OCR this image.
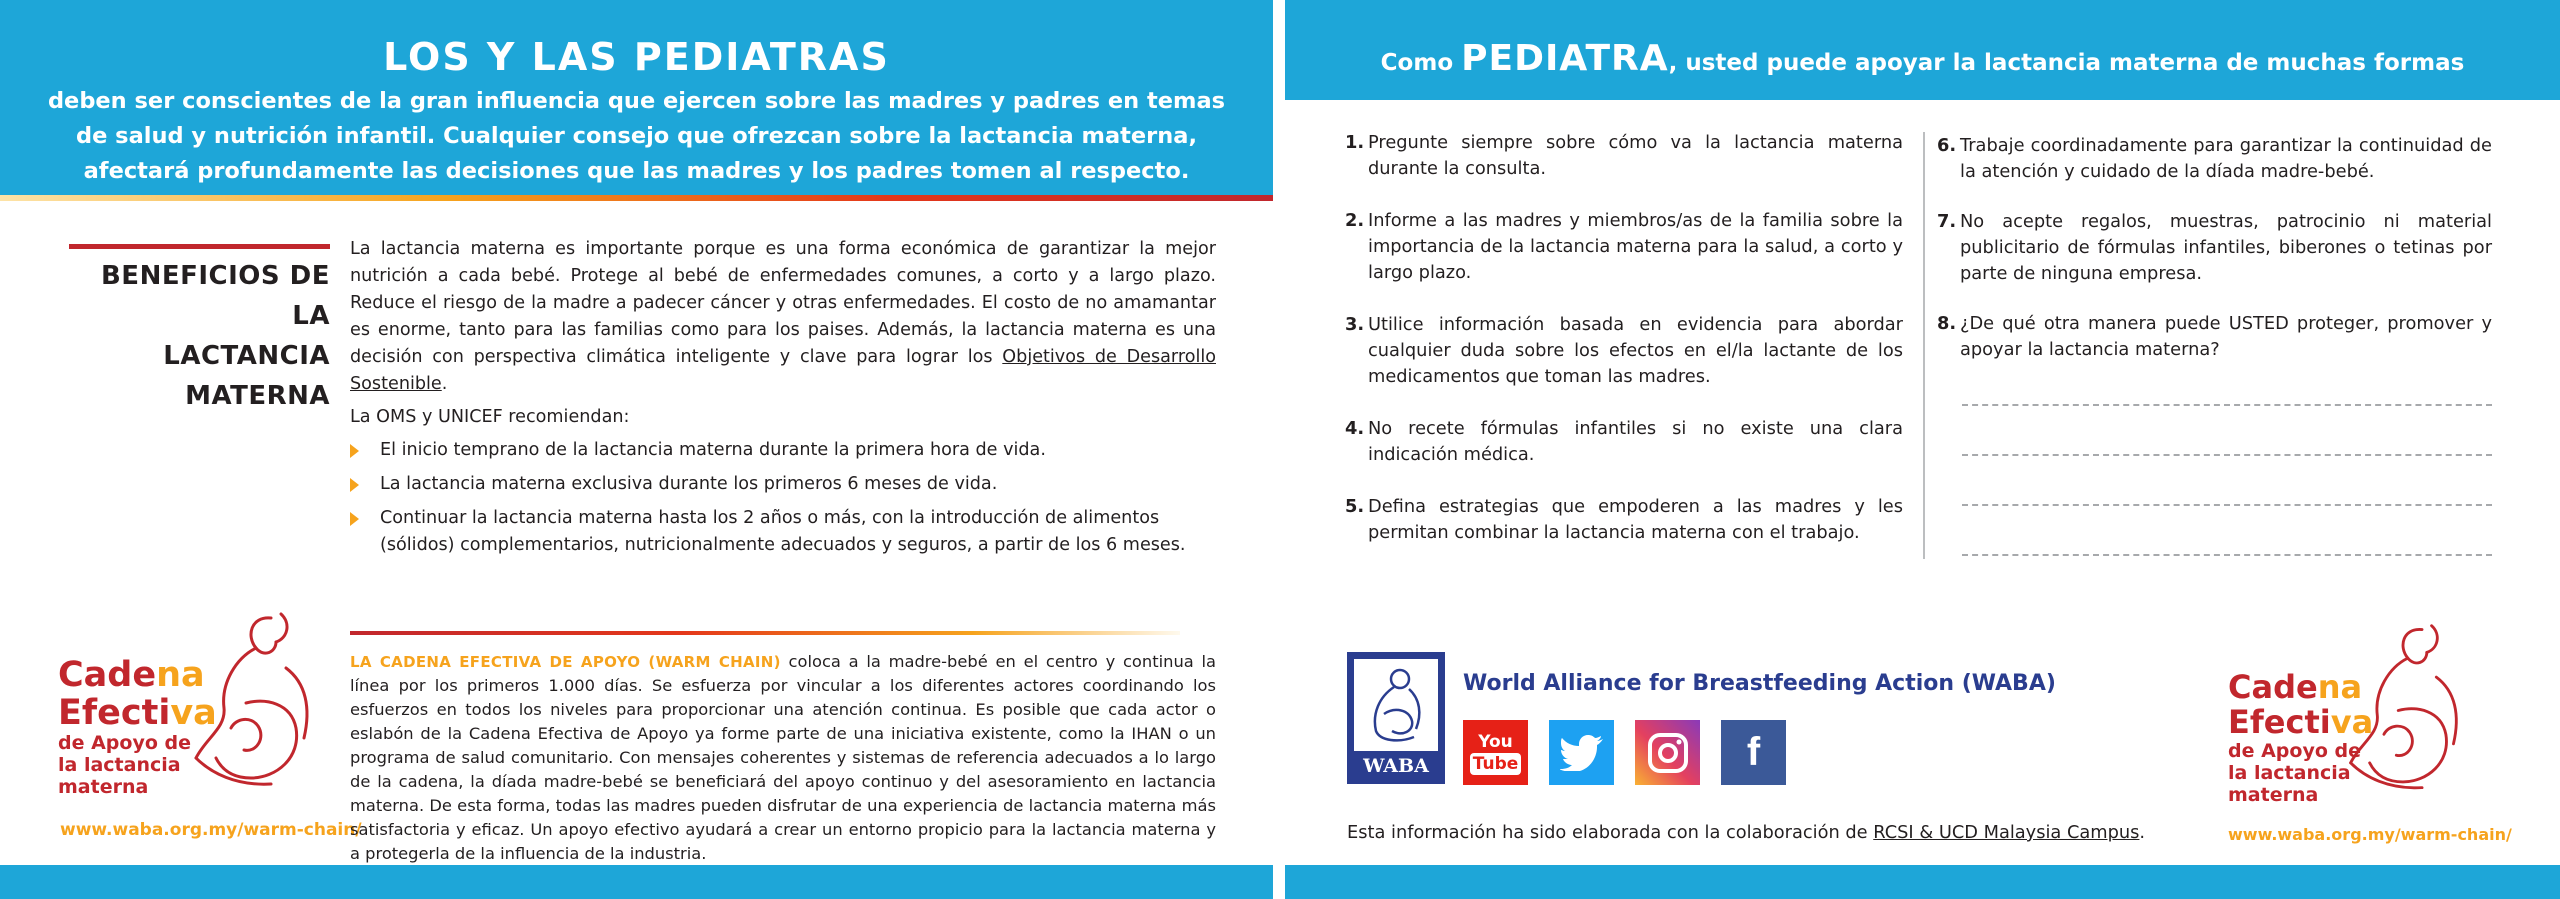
LOS Y LAS PEDIATRAS

deben ser conscientes de la gran influencia que ejercen sobre las madres y padres en temas de salud y nutrición infantil. Cualquier consejo que ofrezcan sobre la lactancia materna, afectará profundamente las decisiones que las madres y los padres tomen al respecto.

BENEFICIOS DE LA
LACTANCIA MATERNA
La lactancia materna es importante porque es una forma económica de garantizar la mejor nutrición a cada bebé. Protege al bebé de enfermedades comunes, a corto y a largo plazo. Reduce el riesgo de la madre a padecer cáncer y otras enfermedades. El costo de no amamantar es enorme, tanto para las familias como para los paises. Además, la lactancia materna es una decisión con perspectiva climática inteligente y clave para lograr los Objetivos de Desarrollo Sostenible.
La OMS y UNICEF recomiendan:
El inicio temprano de la lactancia materna durante la primera hora de vida.
La lactancia materna exclusiva durante los primeros 6 meses de vida.
Continuar la lactancia materna hasta los 2 años o más, con la introducción de alimentos (sólidos) complementarios, nutricionalmente adecuados y seguros, a partir de los 6 meses.
Cadena
Efectiva
de Apoyo de
la lactancia
materna
www.waba.org.my/warm-chain/
LA CADENA EFECTIVA DE APOYO (WARM CHAIN) coloca a la madre-bebé en el centro y continua la línea por los primeros 1.000 días. Se esfuerza por vincular a los diferentes actores coordinando los esfuerzos en todos los niveles para proporcionar una atención continua. Es posible que cada actor o eslabón de la Cadena Efectiva de Apoyo ya forme parte de una iniciativa existente, como la IHAN o un programa de salud comunitario. Con mensajes coherentes y sistemas de referencia adecuados a lo largo de la cadena, la díada madre-bebé se beneficiará del apoyo continuo y del asesoramiento en lactancia materna. De esta forma, todas las madres pueden disfrutar de una experiencia de lactancia materna más satisfactoria y eficaz. Un apoyo efectivo ayudará a crear un entorno propicio para la lactancia materna y a protegerla de la influencia de la industria.
Como PEDIATRA, usted puede apoyar la lactancia materna de muchas formas
1. Pregunte siempre sobre cómo va la lactancia materna durante la consulta.
2. Informe a las madres y miembros/as de la familia sobre la importancia de la lactancia materna para la salud, a corto y largo plazo.
3. Utilice información basada en evidencia para abordar cualquier duda sobre los efectos en el/la lactante de los medicamentos que toman las madres.
4. No recete fórmulas infantiles si no existe una clara indicación médica.
5. Defina estrategias que empoderen a las madres y les permitan combinar la lactancia materna con el trabajo.
6. Trabaje coordinadamente para garantizar la continuidad de la atención y cuidado de la díada madre-bebé.
7. No acepte regalos, muestras, patrocinio ni material publicitario de fórmulas infantiles, biberones o tetinas por parte de ninguna empresa.
8. ¿De qué otra manera puede USTED proteger, promover y apoyar la lactancia materna?
WABA
World Alliance for Breastfeeding Action (WABA)
You
Tube	f
Esta información ha sido elaborada con la colaboración de RCSI & UCD Malaysia Campus.
Cadena
Efectiva
de Apoyo de
la lactancia
materna
www.waba.org.my/warm-chain/
